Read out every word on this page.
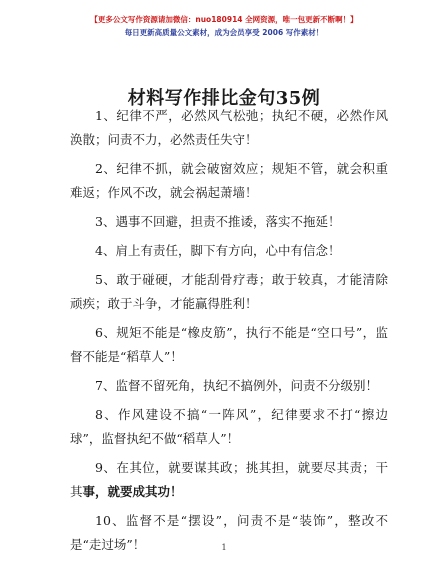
【更多公文写作资源请加微信：nuo180914 全网资源，唯一包更新不断啊！】
每日更新高质量公文素材，成为会员享受 2006 写作素材！
材料写作排比金句35例

1、纪律不严，必然风气松弛；执纪不硬，必然作风涣散；问责不力，必然责任失守！

2、纪律不抓，就会破窗效应；规矩不管，就会积重难返；作风不改，就会祸起萧墙！

3、遇事不回避，担责不推诿，落实不拖延！

4、肩上有责任，脚下有方向，心中有信念！

5、敢于碰硬，才能刮骨疗毒；敢于较真，才能清除顽疾；敢于斗争，才能赢得胜利！

6、规矩不能是“橡皮筋”，执行不能是“空口号”，监督不能是“稻草人”！

7、监督不留死角，执纪不搞例外，问责不分级别！

8、作风建设不搞“一阵风”，纪律要求不打“擦边球”，监督执纪不做“稻草人”！

9、在其位，就要谋其政；挑其担，就要尽其责；干其事，就要成其功！

10、监督不是“摆设”，问责不是“装饰”，整改不是“走过场”！	1
